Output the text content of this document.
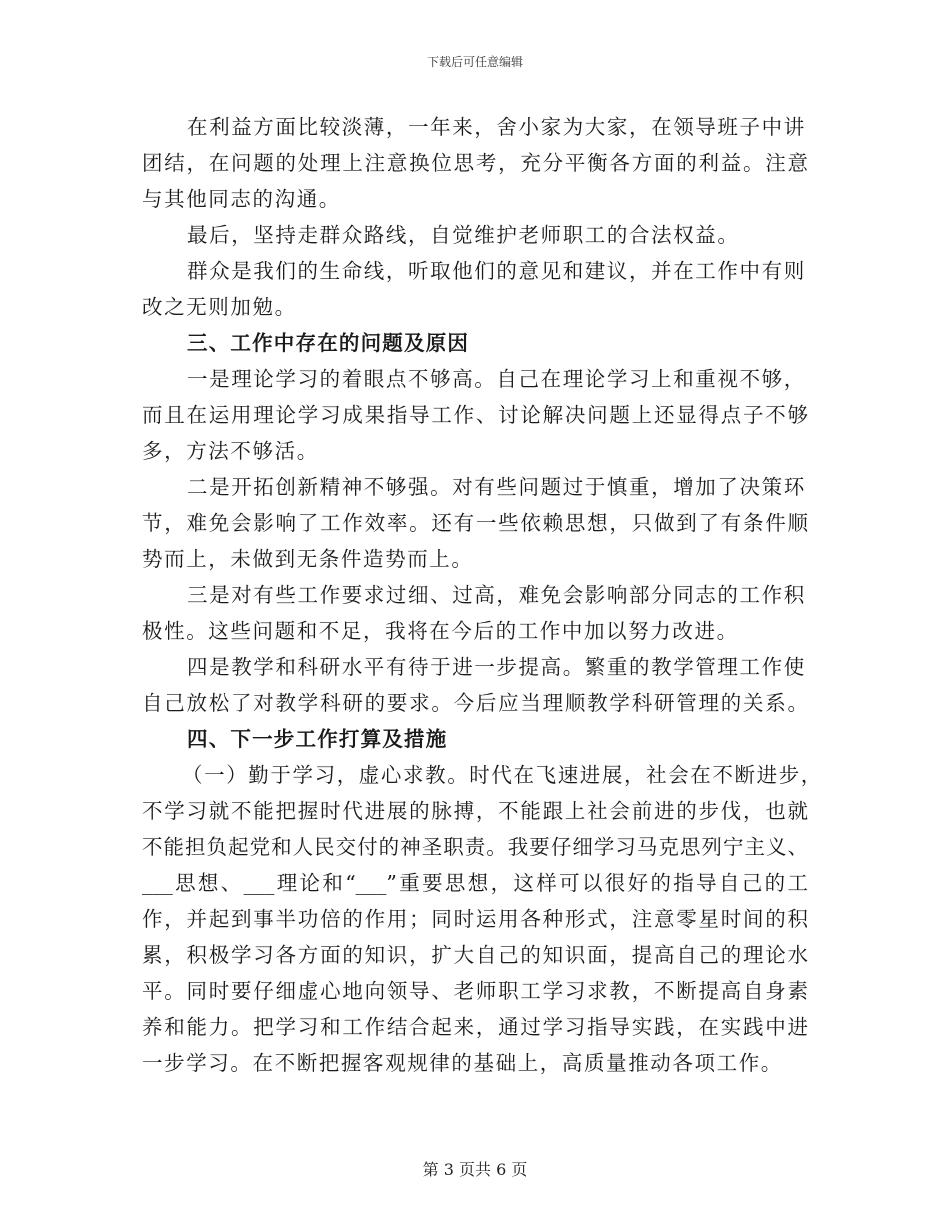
下载后可任意编辑
在利益方面比较淡薄，一年来，舍小家为大家，在领导班子中讲
团结，在问题的处理上注意换位思考，充分平衡各方面的利益。注意
与其他同志的沟通。
最后，坚持走群众路线，自觉维护老师职工的合法权益。
群众是我们的生命线，听取他们的意见和建议，并在工作中有则
改之无则加勉。
三、工作中存在的问题及原因
一是理论学习的着眼点不够高。自己在理论学习上和重视不够，
而且在运用理论学习成果指导工作、讨论解决问题上还显得点子不够
多，方法不够活。
二是开拓创新精神不够强。对有些问题过于慎重，增加了决策环
节，难免会影响了工作效率。还有一些依赖思想，只做到了有条件顺
势而上，未做到无条件造势而上。
三是对有些工作要求过细、过高，难免会影响部分同志的工作积
极性。这些问题和不足，我将在今后的工作中加以努力改进。
四是教学和科研水平有待于进一步提高。繁重的教学管理工作使
自己放松了对教学科研的要求。今后应当理顺教学科研管理的关系。
四、下一步工作打算及措施
（一）勤于学习，虚心求教。时代在飞速进展，社会在不断进步，
不学习就不能把握时代进展的脉搏，不能跟上社会前进的步伐，也就
不能担负起党和人民交付的神圣职责。我要仔细学习马克思列宁主义、
___思想、___理论和“___”重要思想，这样可以很好的指导自己的工
作，并起到事半功倍的作用；同时运用各种形式，注意零星时间的积
累，积极学习各方面的知识，扩大自己的知识面，提高自己的理论水
平。同时要仔细虚心地向领导、老师职工学习求教，不断提高自身素
养和能力。把学习和工作结合起来，通过学习指导实践，在实践中进
一步学习。在不断把握客观规律的基础上，高质量推动各项工作。
第 3 页共 6 页
